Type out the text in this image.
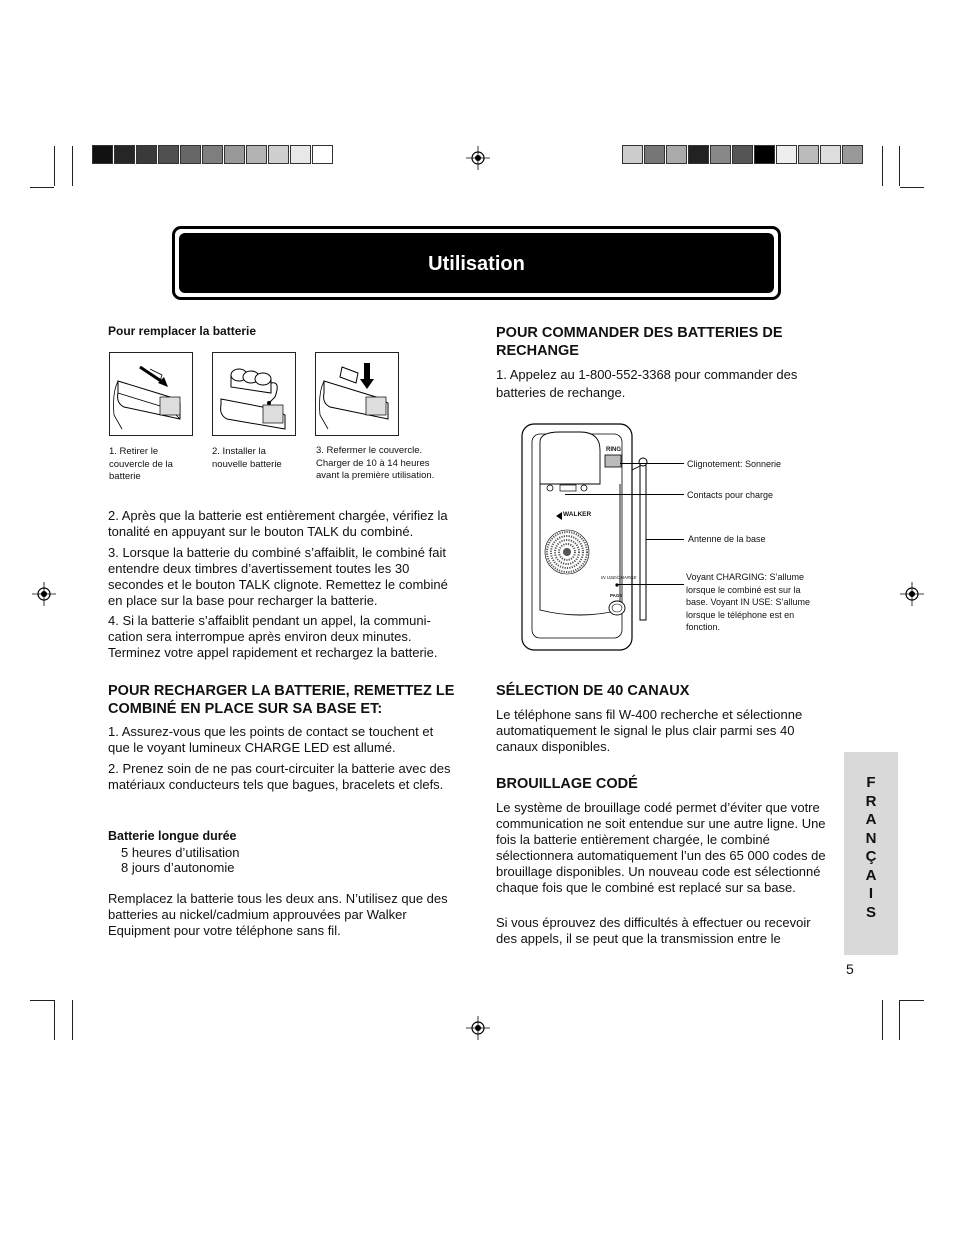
Utilisation
Pour remplacer la batterie
1. Retirer le couvercle de la batterie
2. Installer la nouvelle batterie
3. Refermer le couvercle. Charger de 10 à 14 heures avant la première utilisation.
2. Après que la batterie est entièrement chargée, vérifiez la tonalité en appuyant sur le bouton TALK du combiné.
3. Lorsque la batterie du combiné s’affaiblit, le combiné fait entendre deux timbres d’avertissement toutes les 30 secondes et le bouton TALK clignote. Remettez le combiné en place sur la base pour recharger la batterie.
4. Si la batterie s’affaiblit pendant un appel, la communi- cation sera interrompue après environ deux minutes. Terminez votre appel rapidement et rechargez la batterie.
POUR RECHARGER LA BATTERIE, REMETTEZ LE COMBINÉ EN PLACE SUR SA BASE ET:
1. Assurez-vous que les points de contact se touchent et que le voyant lumineux CHARGE LED est allumé.
2. Prenez soin de ne pas court-circuiter la batterie avec des matériaux conducteurs tels que bagues, bracelets et clefs.
Batterie longue durée
5 heures d’utilisation
8 jours d’autonomie
Remplacez la batterie tous les deux ans. N’utilisez que des batteries au nickel/cadmium approuvées par Walker Equipment pour votre téléphone sans fil.
POUR COMMANDER DES BATTERIES DE RECHANGE
1. Appelez au 1-800-552-3368 pour commander des batteries de rechange.
RING
WALKER
IN USE/CHARGE
PAGE
Clignotement: Sonnerie
Contacts pour charge
Antenne de la base
Voyant CHARGING: S’allume lorsque le combiné est sur la base. Voyant IN USE: S’allume lorsque le téléphone est en fonction.
SÉLECTION DE 40 CANAUX
Le téléphone sans fil W-400 recherche et sélectionne automatiquement le signal le plus clair parmi ses 40 canaux disponibles.
BROUILLAGE CODÉ
Le système de brouillage codé permet d’éviter que votre communication ne soit entendue sur une autre ligne. Une fois la batterie entièrement chargée, le combiné sélectionnera automatiquement l’un des 65 000 codes de brouillage disponibles. Un nouveau code est sélectionné chaque fois que le combiné est replacé sur sa base.
Si vous éprouvez des difficultés à effectuer ou recevoir des appels, il se peut que la transmission entre le
F
R
A
N
Ç
A
I
S
5
